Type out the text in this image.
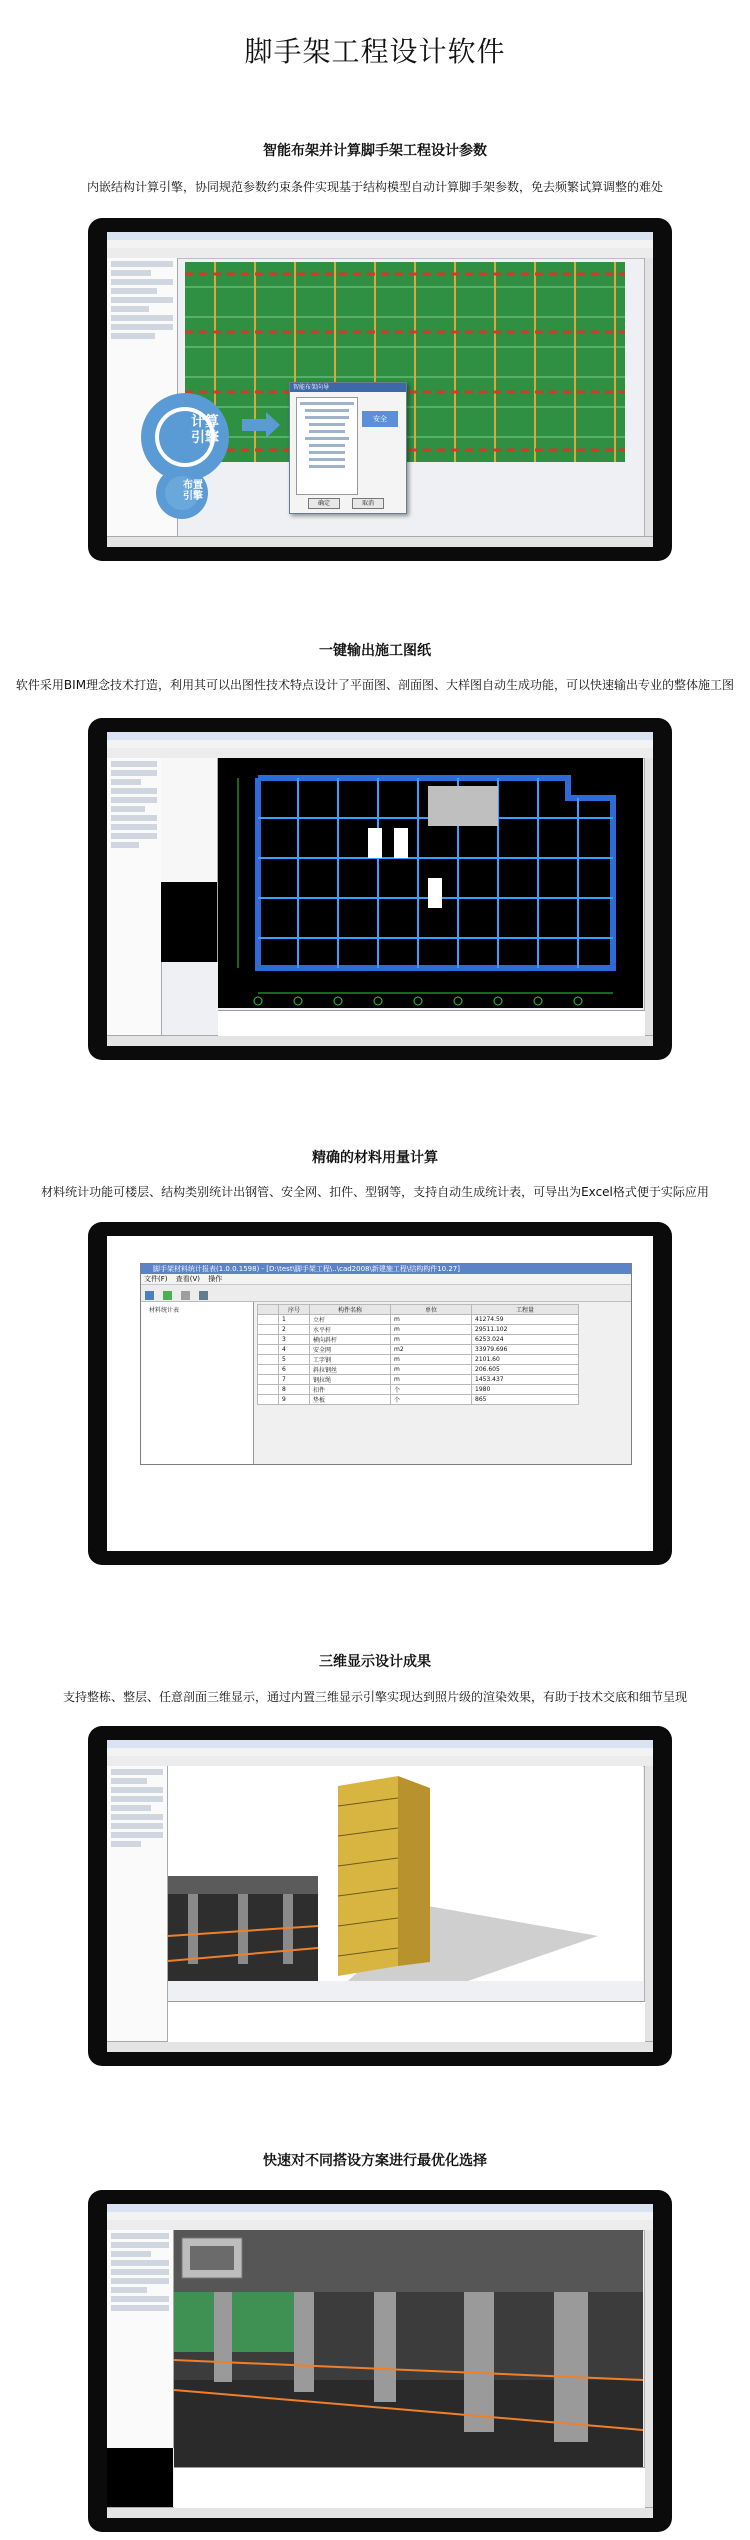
脚手架工程设计软件
智能布架并计算脚手架工程设计参数
内嵌结构计算引擎，协同规范参数约束条件实现基于结构模型自动计算脚手架参数，免去频繁试算调整的难处
计算
引擎
布置
引擎
智能布架向导
安全
确定	取消
一键输出施工图纸
软件采用BIM理念技术打造，利用其可以出图性技术特点设计了平面图、剖面图、大样图自动生成功能，可以快速输出专业的整体施工图
精确的材料用量计算
材料统计功能可楼层、结构类别统计出钢管、安全网、扣件、型钢等，支持自动生成统计表，可导出为Excel格式便于实际应用
脚手架材料统计报表(1.0.0.1598) - [D:\test\脚手架工程\..\cad2008\新建施工程\结构构件10.27]
文件(F) 查看(V) 操作

材料统计表
		序号	构件名称	单位	工程量
	1	立杆	m	41274.59
	2	水平杆	m	29511.102
	3	横向斜杆	m	6253.024
	4	安全网	m2	33979.696
	5	工字钢	m	2101.60
	6	斜拉钢丝	m	206.605
	7	钢拉绳	m	1453.437
	8	扣件	个	1980
	9	垫板	个	865
三维显示设计成果
支持整栋、整层、任意剖面三维显示，通过内置三维显示引擎实现达到照片级的渲染效果，有助于技术交底和细节呈现
快速对不同搭设方案进行最优化选择
